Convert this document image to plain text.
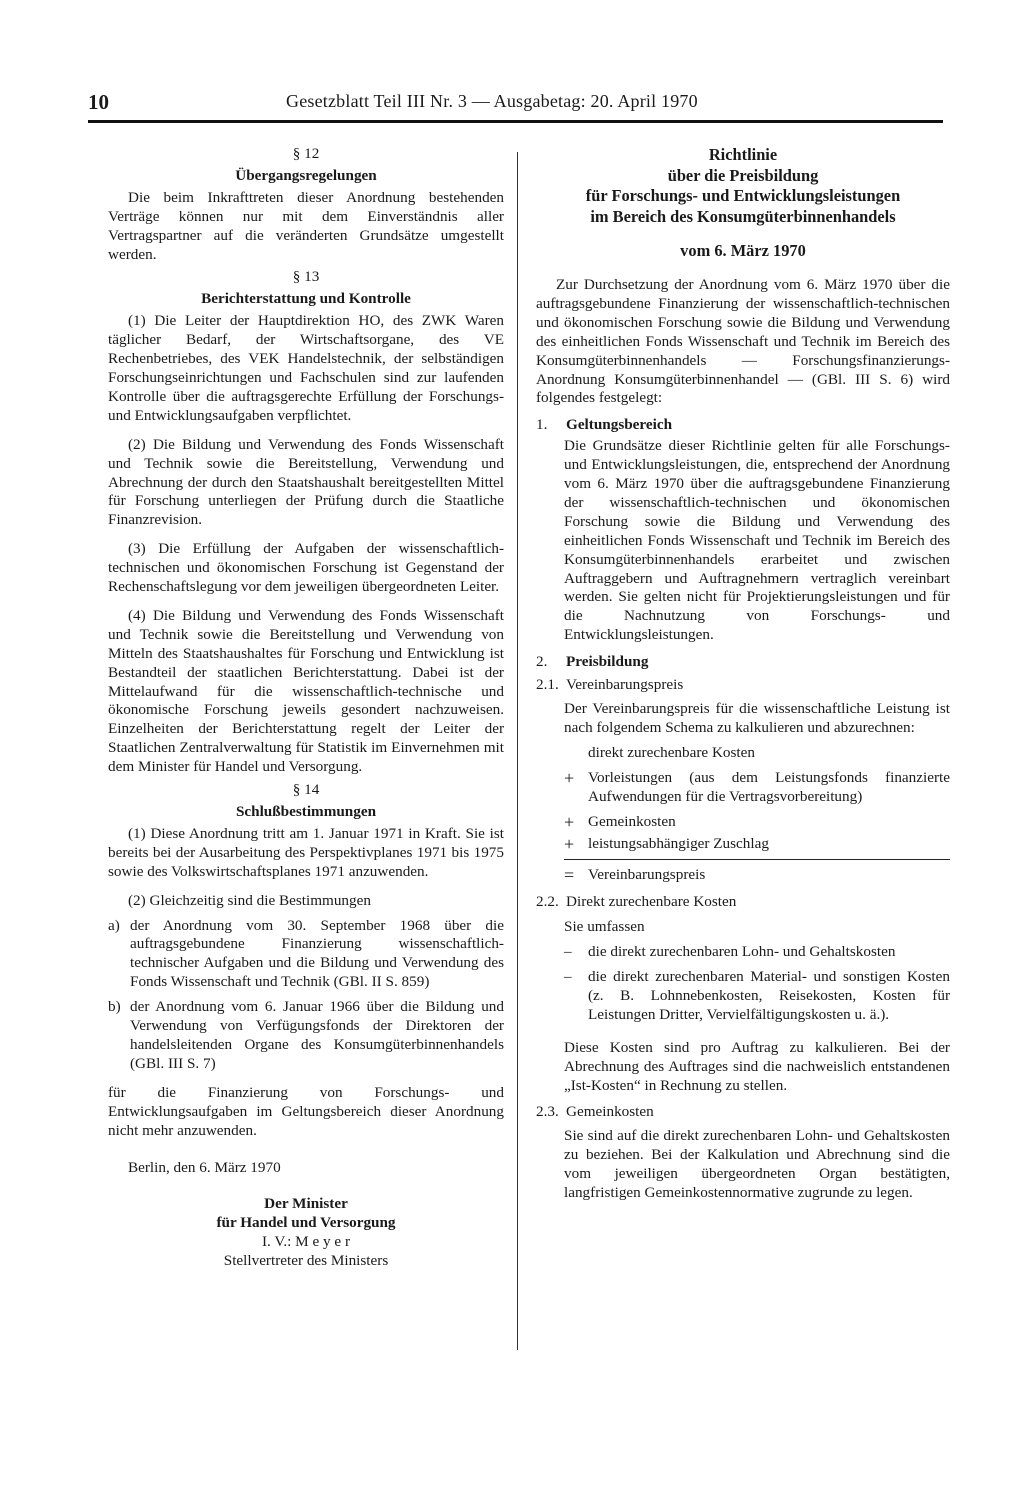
10	Gesetzblatt Teil III Nr. 3 — Ausgabetag: 20. April 1970

§ 12

Übergangsregelungen

Die beim Inkrafttreten dieser Anordnung bestehenden Verträge können nur mit dem Einverständnis aller Vertragspartner auf die veränderten Grundsätze umgestellt werden.

§ 13

Berichterstattung und Kontrolle

(1) Die Leiter der Hauptdirektion HO, des ZWK Waren täglicher Bedarf, der Wirtschaftsorgane, des VE Rechenbetriebes, des VEK Handelstechnik, der selbständigen Forschungseinrichtungen und Fachschulen sind zur laufenden Kontrolle über die auftragsgerechte Erfüllung der Forschungs- und Entwicklungsaufgaben verpflichtet.

(2) Die Bildung und Verwendung des Fonds Wissenschaft und Technik sowie die Bereitstellung, Verwendung und Abrechnung der durch den Staatshaushalt bereitgestellten Mittel für Forschung unterliegen der Prüfung durch die Staatliche Finanzrevision.

(3) Die Erfüllung der Aufgaben der wissenschaftlich-technischen und ökonomischen Forschung ist Gegenstand der Rechenschaftslegung vor dem jeweiligen übergeordneten Leiter.

(4) Die Bildung und Verwendung des Fonds Wissenschaft und Technik sowie die Bereitstellung und Verwendung von Mitteln des Staatshaushaltes für Forschung und Entwicklung ist Bestandteil der staatlichen Berichterstattung. Dabei ist der Mittelaufwand für die wissenschaftlich-technische und ökonomische Forschung jeweils gesondert nachzuweisen. Einzelheiten der Berichterstattung regelt der Leiter der Staatlichen Zentralverwaltung für Statistik im Einvernehmen mit dem Minister für Handel und Versorgung.

§ 14

Schlußbestimmungen

(1) Diese Anordnung tritt am 1. Januar 1971 in Kraft. Sie ist bereits bei der Ausarbeitung des Perspektivplanes 1971 bis 1975 sowie des Volkswirtschaftsplanes 1971 anzuwenden.

(2) Gleichzeitig sind die Bestimmungen

a) der Anordnung vom 30. September 1968 über die auftragsgebundene Finanzierung wissenschaftlich-technischer Aufgaben und die Bildung und Verwendung des Fonds Wissenschaft und Technik (GBl. II S. 859)
b) der Anordnung vom 6. Januar 1966 über die Bildung und Verwendung von Verfügungsfonds der Direktoren der handelsleitenden Organe des Konsumgüterbinnenhandels (GBl. III S. 7)

für die Finanzierung von Forschungs- und Entwicklungsaufgaben im Geltungsbereich dieser Anordnung nicht mehr anzuwenden.

Berlin, den 6. März 1970

Der Minister

für Handel und Versorgung

I. V.: M e y e r

Stellvertreter des Ministers

Richtlinie

über die Preisbildung

für Forschungs- und Entwicklungsleistungen

im Bereich des Konsumgüterbinnenhandels

vom 6. März 1970

Zur Durchsetzung der Anordnung vom 6. März 1970 über die auftragsgebundene Finanzierung der wissenschaftlich-technischen und ökonomischen Forschung sowie die Bildung und Verwendung des einheitlichen Fonds Wissenschaft und Technik im Bereich des Konsumgüterbinnenhandels — Forschungsfinanzierungs-Anordnung Konsumgüterbinnenhandel — (GBl. III S. 6) wird folgendes festgelegt:

1.	Geltungsbereich

Die Grundsätze dieser Richtlinie gelten für alle Forschungs- und Entwicklungsleistungen, die, entsprechend der Anordnung vom 6. März 1970 über die auftragsgebundene Finanzierung der wissenschaftlich-technischen und ökonomischen Forschung sowie die Bildung und Verwendung des einheitlichen Fonds Wissenschaft und Technik im Bereich des Konsumgüterbinnenhandels erarbeitet und zwischen Auftraggebern und Auftragnehmern vertraglich vereinbart werden. Sie gelten nicht für Projektierungsleistungen und für die Nachnutzung von Forschungs- und Entwicklungsleistungen.

2.	Preisbildung
2.1. Vereinbarungspreis

Der Vereinbarungspreis für die wissenschaftliche Leistung ist nach folgendem Schema zu kalkulieren und abzurechnen:

direkt zurechenbare Kosten
+ Vorleistungen (aus dem Leistungsfonds finanzierte Aufwendungen für die Vertragsvorbereitung)
+ Gemeinkosten
+ leistungsabhängiger Zuschlag
= Vereinbarungspreis
2.2. Direkt zurechenbare Kosten

Sie umfassen

–	die direkt zurechenbaren Lohn- und Gehaltskosten
–	die direkt zurechenbaren Material- und sonstigen Kosten (z. B. Lohnnebenkosten, Reisekosten, Kosten für Leistungen Dritter, Vervielfältigungskosten u. ä.).

Diese Kosten sind pro Auftrag zu kalkulieren. Bei der Abrechnung des Auftrages sind die nachweislich entstandenen „Ist-Kosten“ in Rechnung zu stellen.

2.3. Gemeinkosten

Sie sind auf die direkt zurechenbaren Lohn- und Gehaltskosten zu beziehen. Bei der Kalkulation und Abrechnung sind die vom jeweiligen übergeordneten Organ bestätigten, langfristigen Gemeinkostennormative zugrunde zu legen.
